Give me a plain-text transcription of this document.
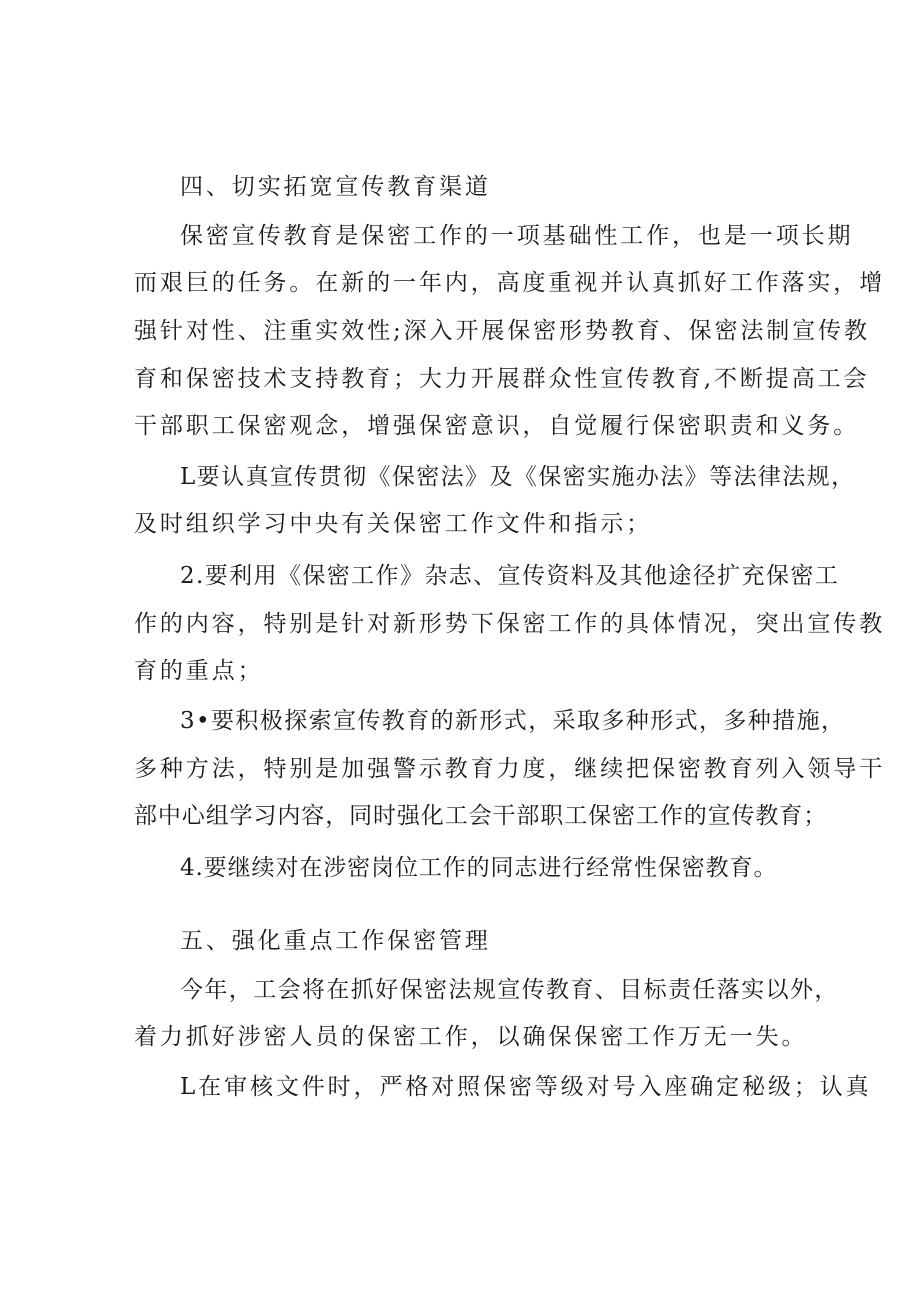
四、切实拓宽宣传教育渠道
保密宣传教育是保密工作的一项基础性工作，也是一项长期
而艰巨的任务。在新的一年内，高度重视并认真抓好工作落实，增
强针对性、注重实效性;深入开展保密形势教育、保密法制宣传教
育和保密技术支持教育；大力开展群众性宣传教育,不断提高工会
干部职工保密观念，增强保密意识，自觉履行保密职责和义务。
L要认真宣传贯彻《保密法》及《保密实施办法》等法律法规，
及时组织学习中央有关保密工作文件和指示；
2.要利用《保密工作》杂志、宣传资料及其他途径扩充保密工
作的内容，特别是针对新形势下保密工作的具体情况，突出宣传教
育的重点；
3•要积极探索宣传教育的新形式，采取多种形式，多种措施，
多种方法，特别是加强警示教育力度，继续把保密教育列入领导干
部中心组学习内容，同时强化工会干部职工保密工作的宣传教育；
4.要继续对在涉密岗位工作的同志进行经常性保密教育。
五、强化重点工作保密管理
今年，工会将在抓好保密法规宣传教育、目标责任落实以外，
着力抓好涉密人员的保密工作，以确保保密工作万无一失。
L在审核文件时，严格对照保密等级对号入座确定秘级；认真
